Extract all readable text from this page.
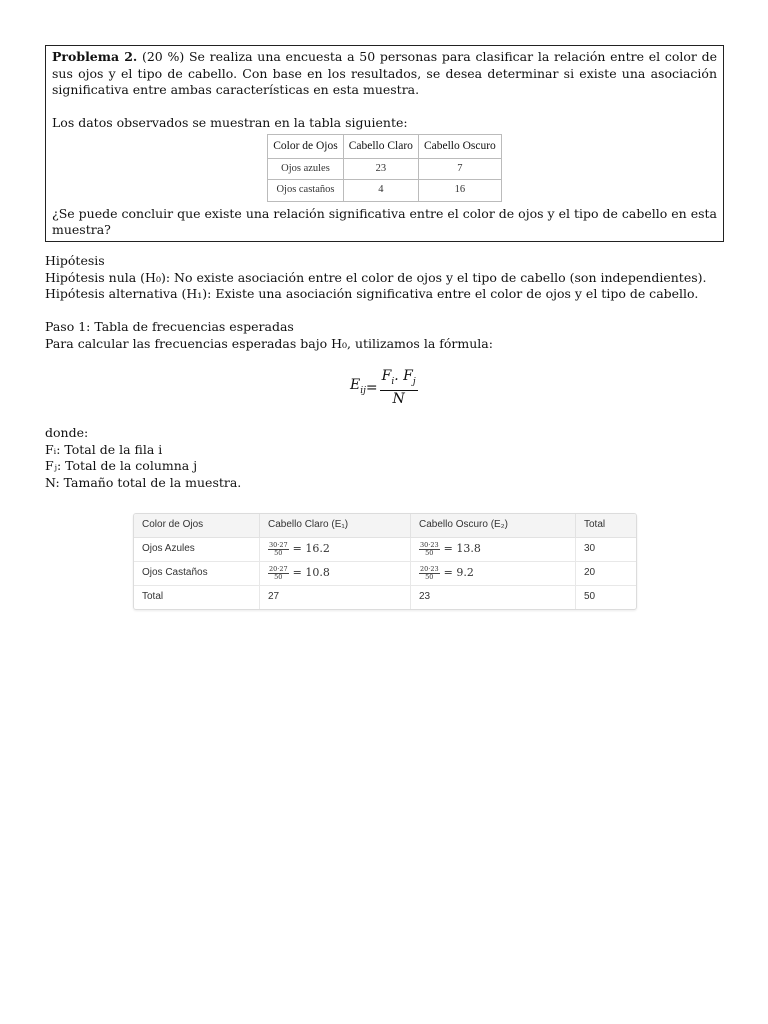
Problema 2. (20 %) Se realiza una encuesta a 50 personas para clasificar la relación entre el color de sus ojos y el tipo de cabello. Con base en los resultados, se desea determinar si existe una asociación significativa entre ambas características en esta muestra.

Los datos observados se muestran en la tabla siguiente:

Color de Ojos	Cabello Claro	Cabello Oscuro
Ojos azules	23	7
Ojos castaños	4	16

¿Se puede concluir que existe una relación significativa entre el color de ojos y el tipo de cabello en esta muestra?

Hipótesis

Hipótesis nula (H₀): No existe asociación entre el color de ojos y el tipo de cabello (son independientes).

Hipótesis alternativa (H₁): Existe una asociación significativa entre el color de ojos y el tipo de cabello.

Paso 1: Tabla de frecuencias esperadas

Para calcular las frecuencias esperadas bajo H₀, utilizamos la fórmula:

$E_{ij} = \frac{F_i. F_j}{N}$

donde:

Fᵢ: Total de la fila i

Fⱼ: Total de la columna j

N: Tamaño total de la muestra.

Color de Ojos	Cabello Claro (E₁)	Cabello Oscuro (E₂)	Total
Ojos Azules	$\frac{30\cdot 27}{50} = 16.2$	$\frac{30\cdot 23}{50} = 13.8$	30
Ojos Castaños	$\frac{20\cdot 27}{50} = 10.8$	$\frac{20\cdot 23}{50} = 9.2$	20
Total	27	23	50
